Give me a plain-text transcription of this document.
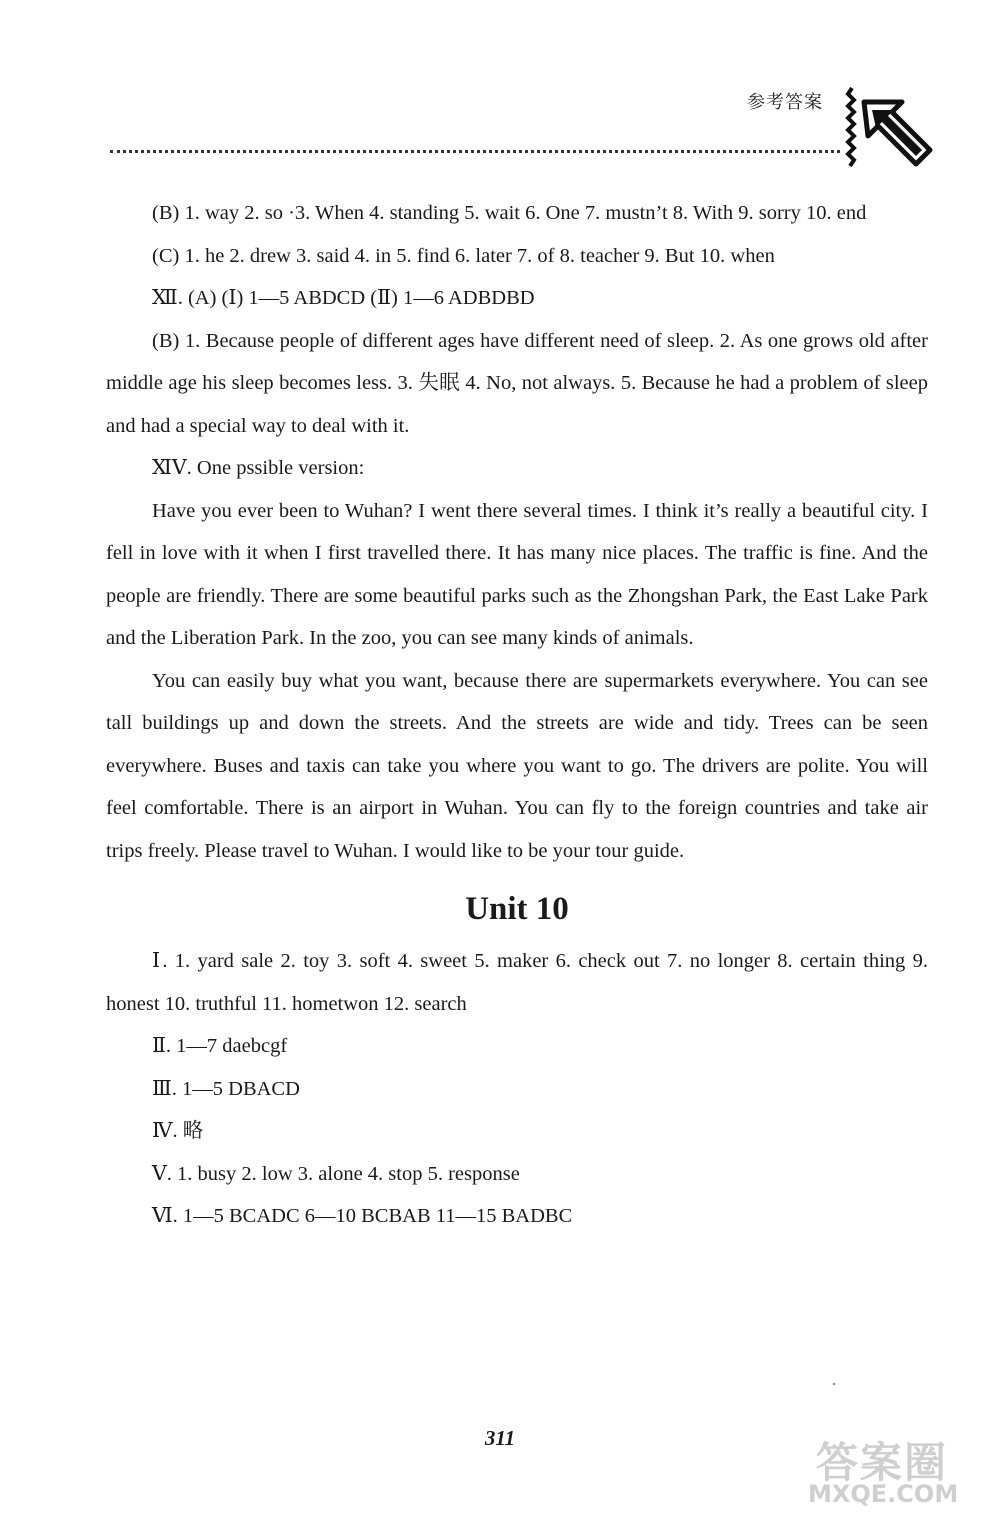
参考答案

(B) 1. way 2. so ·3. When 4. standing 5. wait 6. One 7. mustn’t 8. With 9. sorry 10. end

(C) 1. he 2. drew 3. said 4. in 5. find 6. later 7. of 8. teacher 9. But 10. when

Ⅻ. (A) (Ⅰ) 1—5 ABDCD (Ⅱ) 1—6 ADBDBD

(B) 1. Because people of different ages have different need of sleep. 2. As one grows old after middle age his sleep becomes less. 3. 失眠 4. No, not always. 5. Because he had a problem of sleep and had a special way to deal with it.

ⅪⅤ. One pssible version:

Have you ever been to Wuhan? I went there several times. I think it’s really a beautiful city. I fell in love with it when I first travelled there. It has many nice places. The traffic is fine. And the people are friendly. There are some beautiful parks such as the Zhongshan Park, the East Lake Park and the Liberation Park. In the zoo, you can see many kinds of animals.

You can easily buy what you want, because there are supermarkets everywhere. You can see tall buildings up and down the streets. And the streets are wide and tidy. Trees can be seen everywhere. Buses and taxis can take you where you want to go. The drivers are polite. You will feel comfortable. There is an airport in Wuhan. You can fly to the foreign countries and take air trips freely. Please travel to Wuhan. I would like to be your tour guide.

Unit 10

Ⅰ. 1. yard sale 2. toy 3. soft 4. sweet 5. maker 6. check out 7. no longer 8. certain thing 9. honest 10. truthful 11. hometwon 12. search

Ⅱ. 1—7 daebcgf

Ⅲ. 1—5 DBACD

Ⅳ. 略

Ⅴ. 1. busy 2. low 3. alone 4. stop 5. response

Ⅵ. 1—5 BCADC 6—10 BCBAB 11—15 BADBC

311	答案圈
MXQE.COM
